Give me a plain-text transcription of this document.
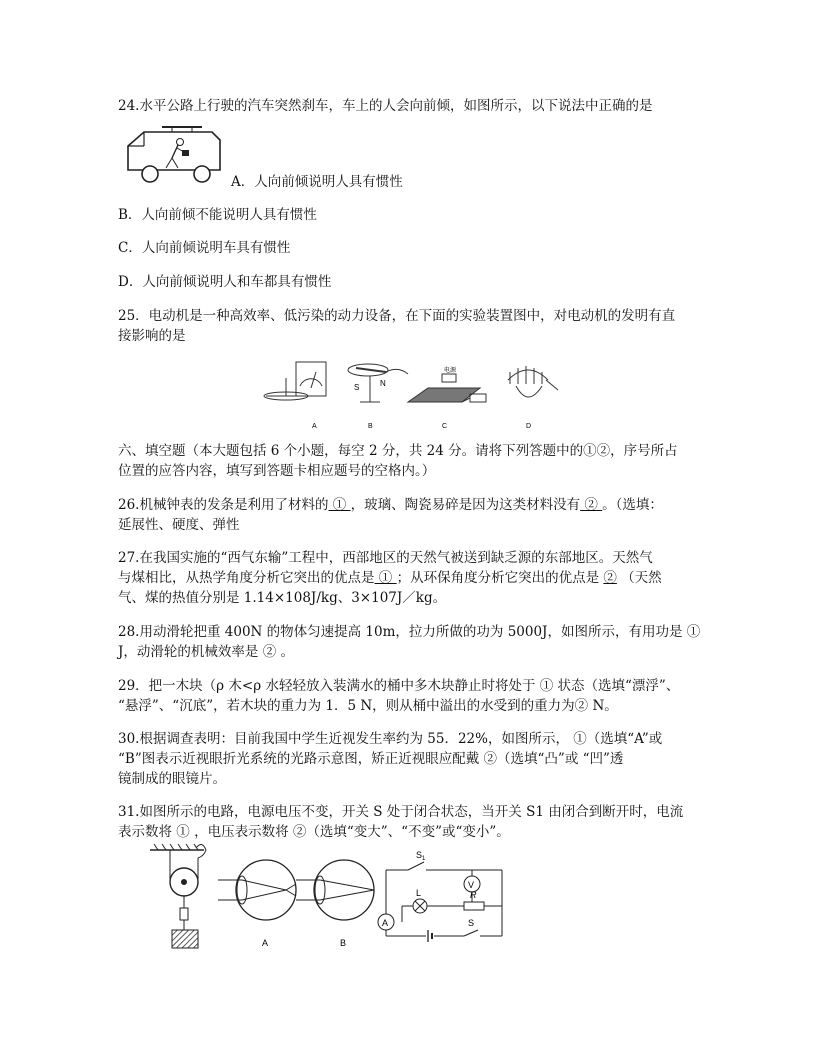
24.水平公路上行驶的汽车突然刹车，车上的人会向前倾，如图所示，以下说法中正确的是
A．人向前倾说明人具有惯性
B．人向前倾不能说明人具有惯性
C．人向前倾说明车具有惯性
D．人向前倾说明人和车都具有惯性
25．电动机是一种高效率、低污染的动力设备，在下面的实验装置图中，对电动机的发明有直
接影响的是
A
S	N
B
电源
C	D
六、填空题（本大题包括 6 个小题，每空 2 分，共 24 分。请将下列答题中的①②，序号所占
位置的应答内容，填写到答题卡相应题号的空格内。）
26.机械钟表的发条是利用了材料的 ① ，玻璃、陶瓷易碎是因为这类材料没有 ② 。（选填：
延展性、硬度、弹性
27.在我国实施的“西气东输”工程中，西部地区的天然气被送到缺乏源的东部地区。天然气
与煤相比，从热学角度分析它突出的优点是 ① ；从环保角度分析它突出的优点是 ② （天然
气、煤的热值分别是 1.14×108J/kg、3×107J／kg。
28.用动滑轮把重 400N 的物体匀速提高 10m，拉力所做的功为 5000J，如图所示，有用功是 ①
J，动滑轮的机械效率是 ② 。
29．把一木块（ρ 木<ρ 水轻轻放入装满水的桶中多木块静止时将处于 ① 状态（选填“漂浮”、
“悬浮”、“沉底”，若木块的重力为 1．5 N，则从桶中溢出的水受到的重力为② N。
30.根据调查表明：目前我国中学生近视发生率约为 55．22%，如图所示， ①（选填“A”或
“B”图表示近视眼折光系统的光路示意图，矫正近视眼应配戴 ②（选填“凸”或 “凹”透
镜制成的眼镜片。
31.如图所示的电路，电源电压不变，开关 S 处于闭合状态，当开关 S1 由闭合到断开时，电流
表示数将 ① ，电压表示数将 ②（选填“变大”、“不变”或“变小”。
A	B
$S_1$
V
L	R
A	S
